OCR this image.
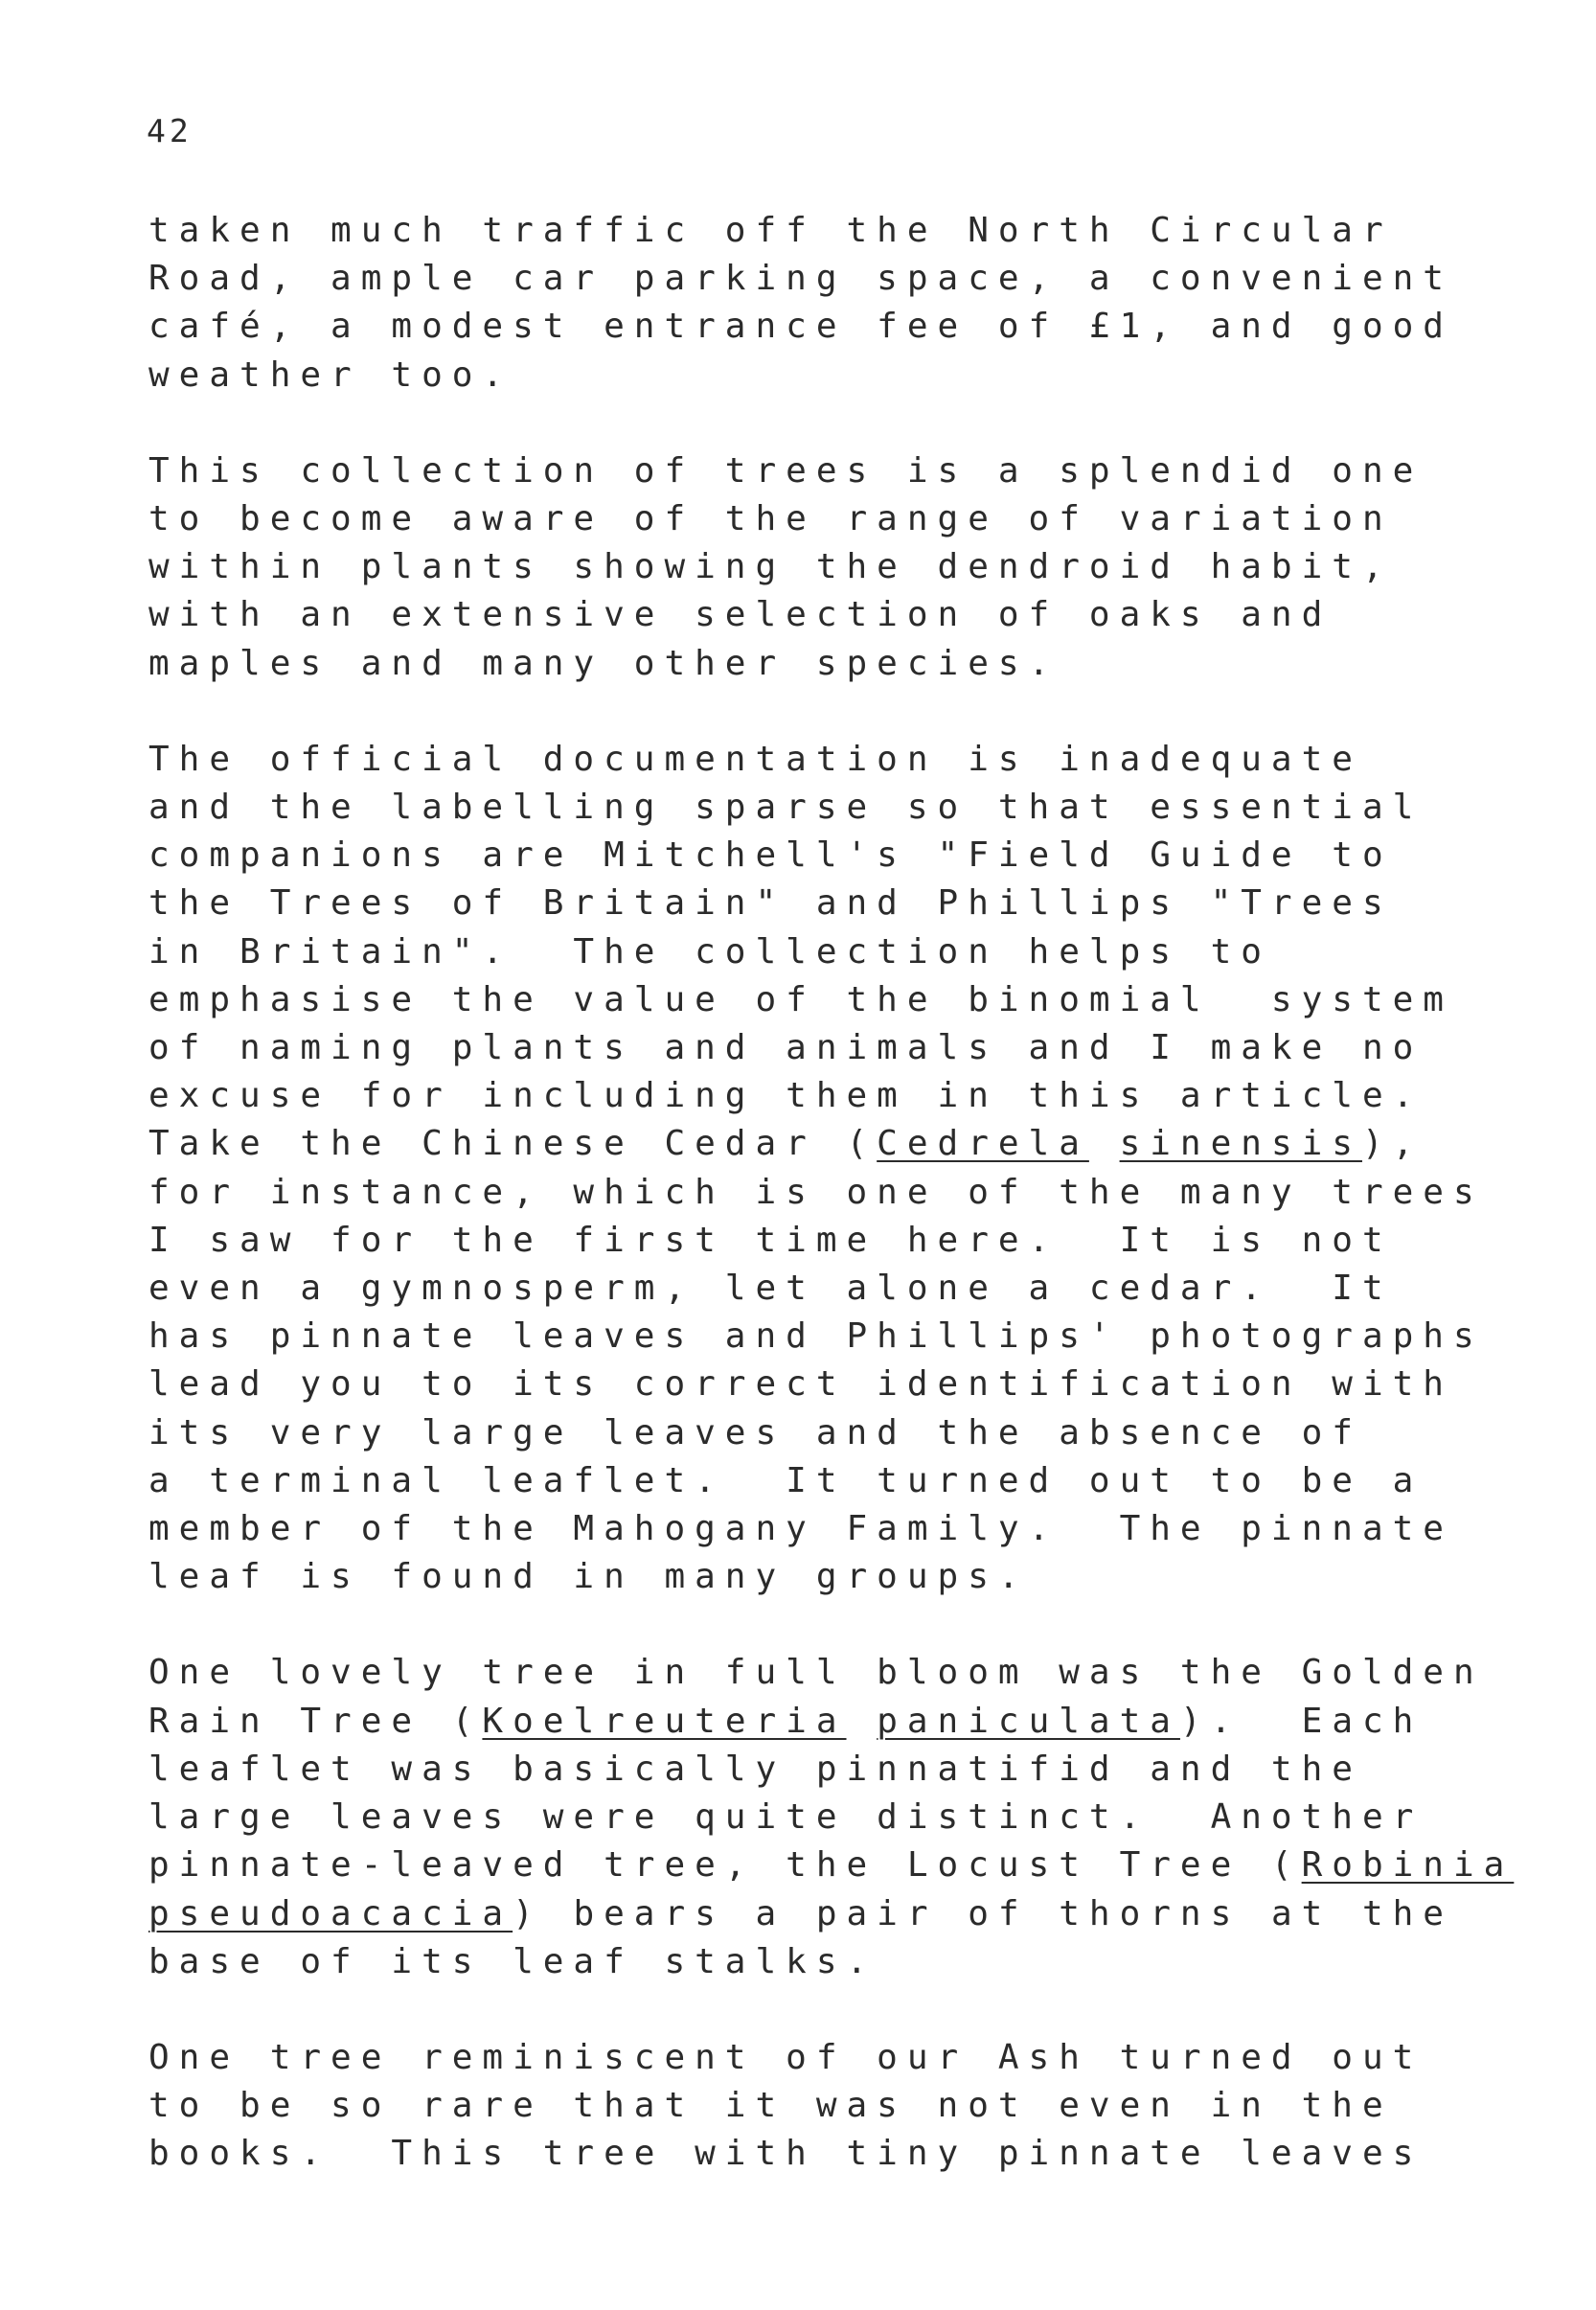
42
taken much traffic off the North Circular
Road, ample car parking space, a convenient
café, a modest entrance fee of £1, and good
weather too.
This collection of trees is a splendid one
to become aware of the range of variation
within plants showing the dendroid habit,
with an extensive selection of oaks and
maples and many other species.
The official documentation is inadequate
and the labelling sparse so that essential
companions are Mitchell's "Field Guide to
the Trees of Britain" and Phillips "Trees
in Britain".  The collection helps to
emphasise the value of the binomial  system
of naming plants and animals and I make no
excuse for including them in this article.
Take the Chinese Cedar (Cedrela sinensis),
for instance, which is one of the many trees
I saw for the first time here.  It is not
even a gymnosperm, let alone a cedar.  It
has pinnate leaves and Phillips' photographs
lead you to its correct identification with
its very large leaves and the absence of
a terminal leaflet.  It turned out to be a
member of the Mahogany Family.  The pinnate
leaf is found in many groups.
One lovely tree in full bloom was the Golden
Rain Tree (Koelreuteria paniculata).  Each
leaflet was basically pinnatifid and the
large leaves were quite distinct.  Another
pinnate-leaved tree, the Locust Tree (Robinia
pseudoacacia) bears a pair of thorns at the
base of its leaf stalks.
One tree reminiscent of our Ash turned out
to be so rare that it was not even in the
books.  This tree with tiny pinnate leaves
